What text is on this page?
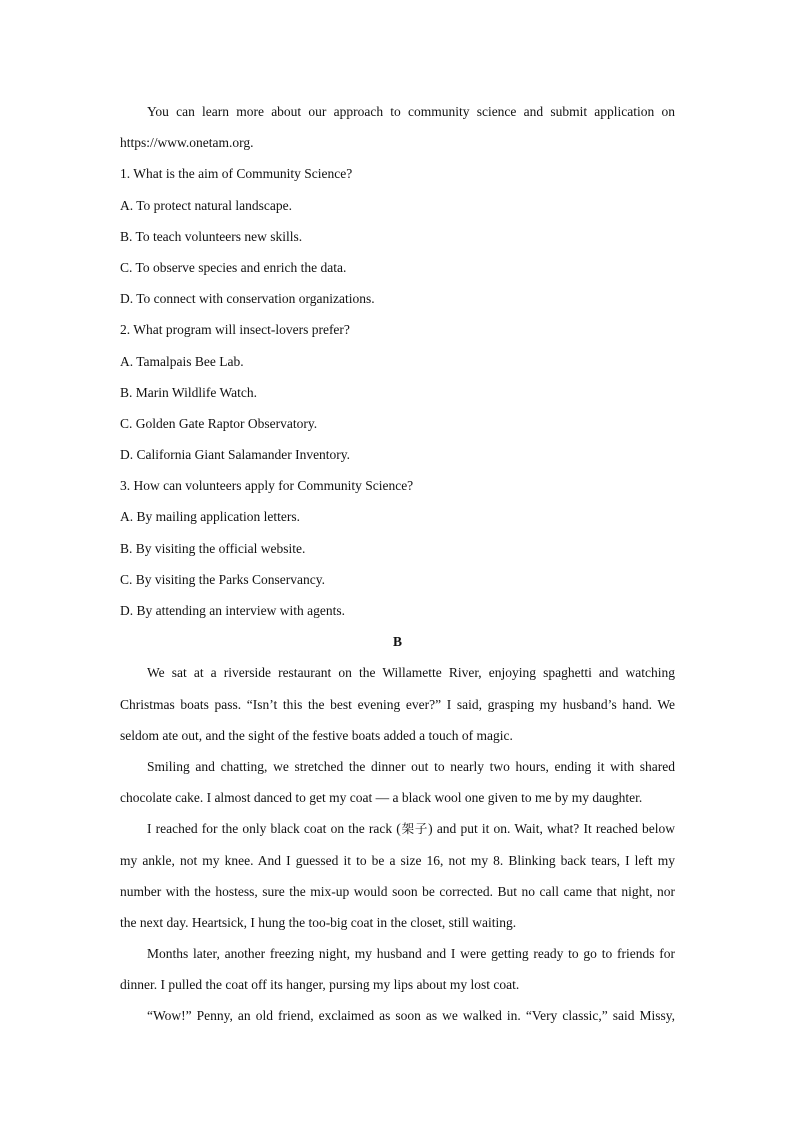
You can learn more about our approach to community science and submit application on
https://www.onetam.org.
1. What is the aim of Community Science?
A. To protect natural landscape.
B. To teach volunteers new skills.
C. To observe species and enrich the data.
D. To connect with conservation organizations.
2. What program will insect-lovers prefer?
A. Tamalpais Bee Lab.
B. Marin Wildlife Watch.
C. Golden Gate Raptor Observatory.
D. California Giant Salamander Inventory.
3. How can volunteers apply for Community Science?
A. By mailing application letters.
B. By visiting the official website.
C. By visiting the Parks Conservancy.
D. By attending an interview with agents.
B
We sat at a riverside restaurant on the Willamette River, enjoying spaghetti and watching
Christmas boats pass. “Isn’t this the best evening ever?” I said, grasping my husband’s hand. We
seldom ate out, and the sight of the festive boats added a touch of magic.
Smiling and chatting, we stretched the dinner out to nearly two hours, ending it with shared
chocolate cake. I almost danced to get my coat — a black wool one given to me by my daughter.
I reached for the only black coat on the rack (架子) and put it on. Wait, what? It reached below
my ankle, not my knee. And I guessed it to be a size 16, not my 8. Blinking back tears, I left my
number with the hostess, sure the mix-up would soon be corrected. But no call came that night, nor
the next day. Heartsick, I hung the too-big coat in the closet, still waiting.
Months later, another freezing night, my husband and I were getting ready to go to friends for
dinner. I pulled the coat off its hanger, pursing my lips about my lost coat.
“Wow!” Penny, an old friend, exclaimed as soon as we walked in. “Very classic,” said Missy,
